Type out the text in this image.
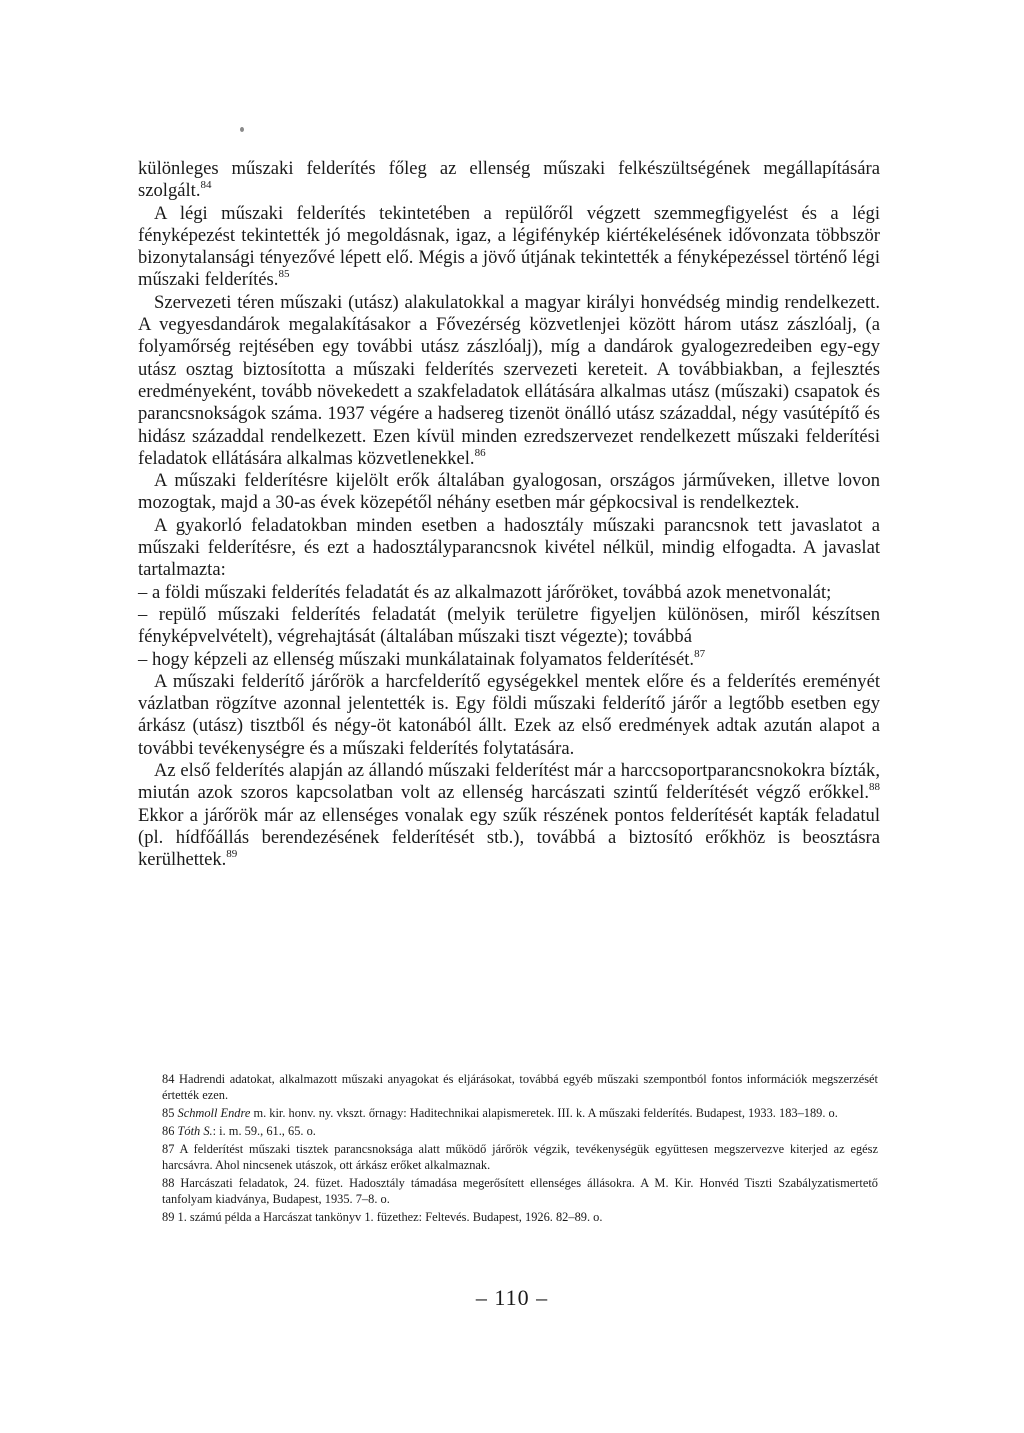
különleges műszaki felderítés főleg az ellenség műszaki felkészültségének megállapítására szolgált.$^{84}$

A légi műszaki felderítés tekintetében a repülőről végzett szemmegfigyelést és a légi fényképezést tekintették jó megoldásnak, igaz, a légifénykép kiértékelésének idővonzata többször bizonytalansági tényezővé lépett elő. Mégis a jövő útjának tekintették a fényképezéssel történő légi műszaki felderítés.$^{85}$

Szervezeti téren műszaki (utász) alakulatokkal a magyar királyi honvédség mindig rendelkezett. A vegyesdandárok megalakításakor a Fővezérség közvetlenjei között három utász zászlóalj, (a folyamőrség rejtésében egy további utász zászlóalj), míg a dandárok gyalogezredeiben egy-egy utász osztag biztosította a műszaki felderítés szervezeti kereteit. A továbbiakban, a fejlesztés eredményeként, tovább növekedett a szakfeladatok ellátására alkalmas utász (műszaki) csapatok és parancsnokságok száma. 1937 végére a hadsereg tizenöt önálló utász századdal, négy vasútépítő és hidász századdal rendelkezett. Ezen kívül minden ezredszervezet rendelkezett műszaki felderítési feladatok ellátására alkalmas közvetlenekkel.$^{86}$

A műszaki felderítésre kijelölt erők általában gyalogosan, országos járműveken, illetve lovon mozogtak, majd a 30-as évek közepétől néhány esetben már gépkocsival is rendelkeztek.

A gyakorló feladatokban minden esetben a hadosztály műszaki parancsnok tett javaslatot a műszaki felderítésre, és ezt a hadosztályparancsnok kivétel nélkül, mindig elfogadta. A javaslat tartalmazta:

– a földi műszaki felderítés feladatát és az alkalmazott járőröket, továbbá azok menetvonalát;

– repülő műszaki felderítés feladatát (melyik területre figyeljen különösen, miről készítsen fényképvelvételt), végrehajtását (általában műszaki tiszt végezte); továbbá

– hogy képzeli az ellenség műszaki munkálatainak folyamatos felderítését.$^{87}$

A műszaki felderítő járőrök a harcfelderítő egységekkel mentek előre és a felderítés ereményét vázlatban rögzítve azonnal jelentették is. Egy földi műszaki felderítő járőr a legtőbb esetben egy árkász (utász) tisztből és négy-öt katonából állt. Ezek az első eredmények adtak azután alapot a további tevékenységre és a műszaki felderítés folytatására.

Az első felderítés alapján az állandó műszaki felderítést már a harccsoportparancsnokokra bízták, miután azok szoros kapcsolatban volt az ellenség harcászati szintű felderítését végző erőkkel.$^{88}$ Ekkor a járőrök már az ellenséges vonalak egy szűk részének pontos felderítését kapták feladatul (pl. hídfőállás berendezésének felderítését stb.), továbbá a biztosító erőkhöz is beosztásra kerülhettek.$^{89}$

84 Hadrendi adatokat, alkalmazott műszaki anyagokat és eljárásokat, továbbá egyéb műszaki szempontból fontos információk megszerzését értették ezen.

85 Schmoll Endre m. kir. honv. ny. vkszt. őrnagy: Haditechnikai alapismeretek. III. k. A műszaki felderítés. Budapest, 1933. 183–189. o.

86 Tóth S.: i. m. 59., 61., 65. o.

87 A felderítést műszaki tisztek parancsnoksága alatt működő járőrök végzik, tevékenységük együttesen megszervezve kiterjed az egész harcsávra. Ahol nincsenek utászok, ott árkász erőket alkalmaznak.

88 Harcászati feladatok, 24. füzet. Hadosztály támadása megerősített ellenséges állásokra. A M. Kir. Honvéd Tiszti Szabályzatismertető tanfolyam kiadványa, Budapest, 1935. 7–8. o.

89 1. számú példa a Harcászat tankönyv 1. füzethez: Feltevés. Budapest, 1926. 82–89. o.

– 110 –
